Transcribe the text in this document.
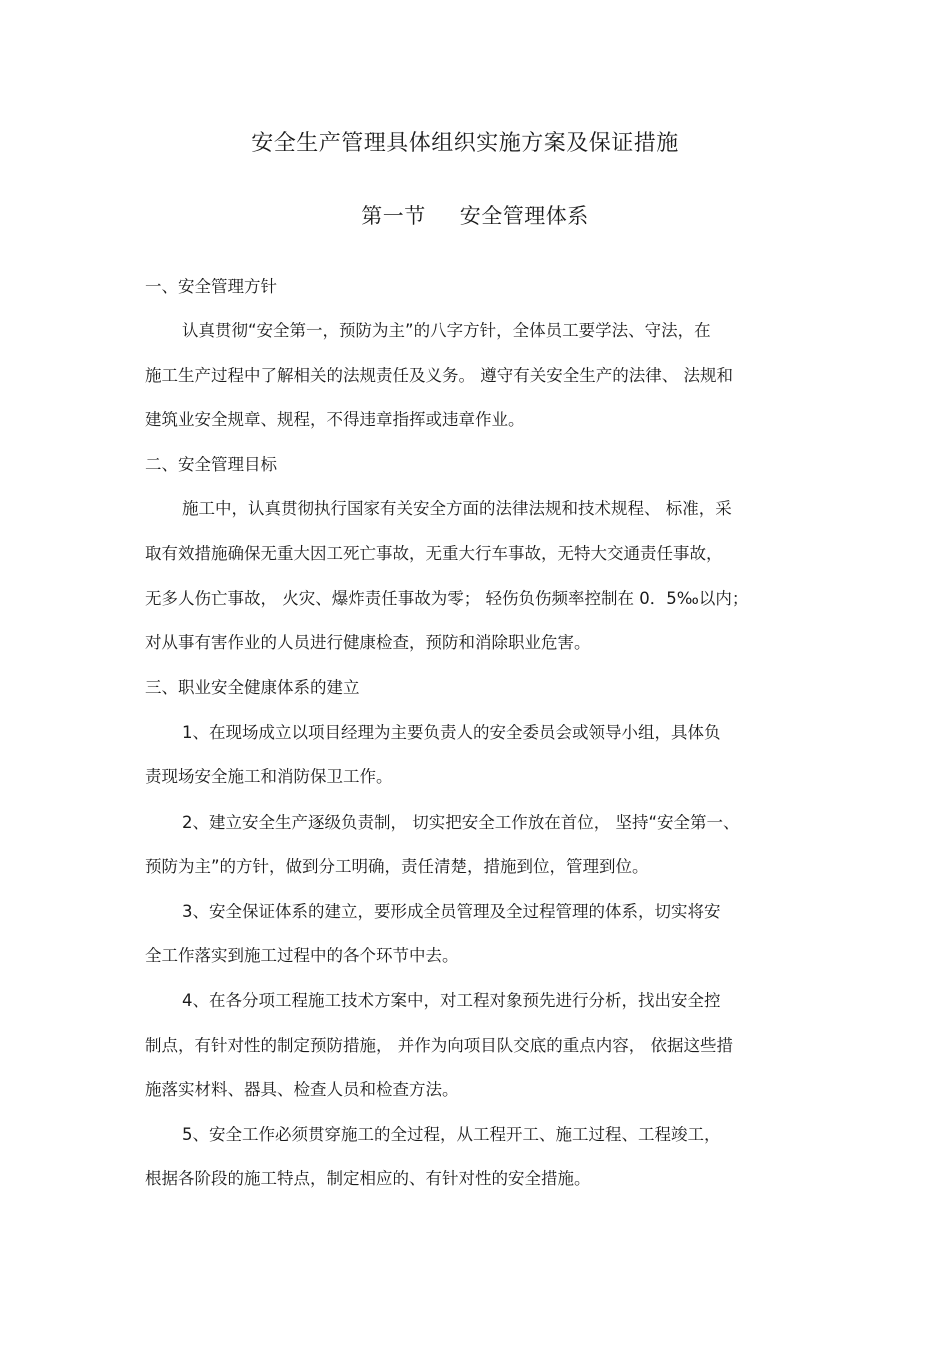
安全生产管理具体组织实施方案及保证措施
第一节 安全管理体系
一、安全管理方针
认真贯彻“安全第一，预防为主”的八字方针，全体员工要学法、守法，在
施工生产过程中了解相关的法规责任及义务。 遵守有关安全生产的法律、 法规和
建筑业安全规章、规程，不得违章指挥或违章作业。
二、安全管理目标
施工中，认真贯彻执行国家有关安全方面的法律法规和技术规程、 标准，采
取有效措施确保无重大因工死亡事故，无重大行车事故，无特大交通责任事故，
无多人伤亡事故， 火灾、爆炸责任事故为零； 轻伤负伤频率控制在 0．5‰以内；
对从事有害作业的人员进行健康检查，预防和消除职业危害。
三、职业安全健康体系的建立
1、在现场成立以项目经理为主要负责人的安全委员会或领导小组，具体负
责现场安全施工和消防保卫工作。
2、建立安全生产逐级负责制， 切实把安全工作放在首位， 坚持“安全第一、
预防为主”的方针，做到分工明确，责任清楚，措施到位，管理到位。
3、安全保证体系的建立，要形成全员管理及全过程管理的体系，切实将安
全工作落实到施工过程中的各个环节中去。
4、在各分项工程施工技术方案中，对工程对象预先进行分析，找出安全控
制点，有针对性的制定预防措施， 并作为向项目队交底的重点内容， 依据这些措
施落实材料、器具、检查人员和检查方法。
5、安全工作必须贯穿施工的全过程，从工程开工、施工过程、工程竣工，
根据各阶段的施工特点，制定相应的、有针对性的安全措施。
